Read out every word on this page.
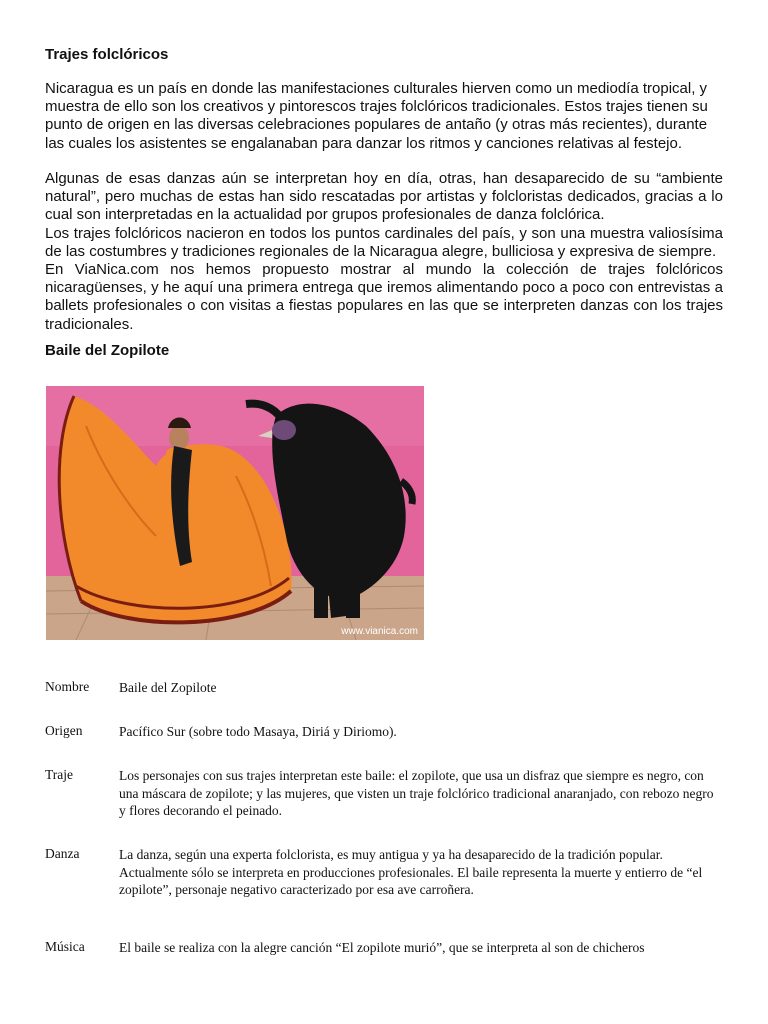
Trajes folclóricos
Nicaragua es un país en donde las manifestaciones culturales hierven como un mediodía tropical, y muestra de ello son los creativos y pintorescos trajes folclóricos tradicionales. Estos trajes tienen su punto de origen en las diversas celebraciones populares de antaño (y otras más recientes), durante las cuales los asistentes se engalanaban para danzar los ritmos y canciones relativas al festejo.
Algunas de esas danzas aún se interpretan hoy en día, otras, han desaparecido de su “ambiente natural”, pero muchas de estas han sido rescatadas por artistas y folcloristas dedicados, gracias a lo cual son interpretadas en la actualidad por grupos profesionales de danza folclórica.
Los trajes folclóricos nacieron en todos los puntos cardinales del país, y son una muestra valiosísima de las costumbres y tradiciones regionales de la Nicaragua alegre, bulliciosa y expresiva de siempre.
En ViaNica.com nos hemos propuesto mostrar al mundo la colección de trajes folclóricos nicaragüenses, y he aquí una primera entrega que iremos alimentando poco a poco con entrevistas a ballets profesionales o con visitas a fiestas populares en las que se interpreten danzas con los trajes tradicionales.
Baile del Zopilote
www.vianica.com
Nombre Baile del Zopilote
Origen	Pacífico Sur (sobre todo Masaya, Diriá y Diriomo).
Traje	Los personajes con sus trajes interpretan este baile: el zopilote, que usa un disfraz que siempre es negro, con una máscara de zopilote; y las mujeres, que visten un traje folclórico tradicional anaranjado, con rebozo negro y flores decorando el peinado.
Danza	La danza, según una experta folclorista, es muy antigua y ya ha desaparecido de la tradición popular. Actualmente sólo se interpreta en producciones profesionales. El baile representa la muerte y entierro de “el zopilote”, personaje negativo caracterizado por esa ave carroñera.
Música	El baile se realiza con la alegre canción “El zopilote murió”, que se interpreta al son de chicheros
